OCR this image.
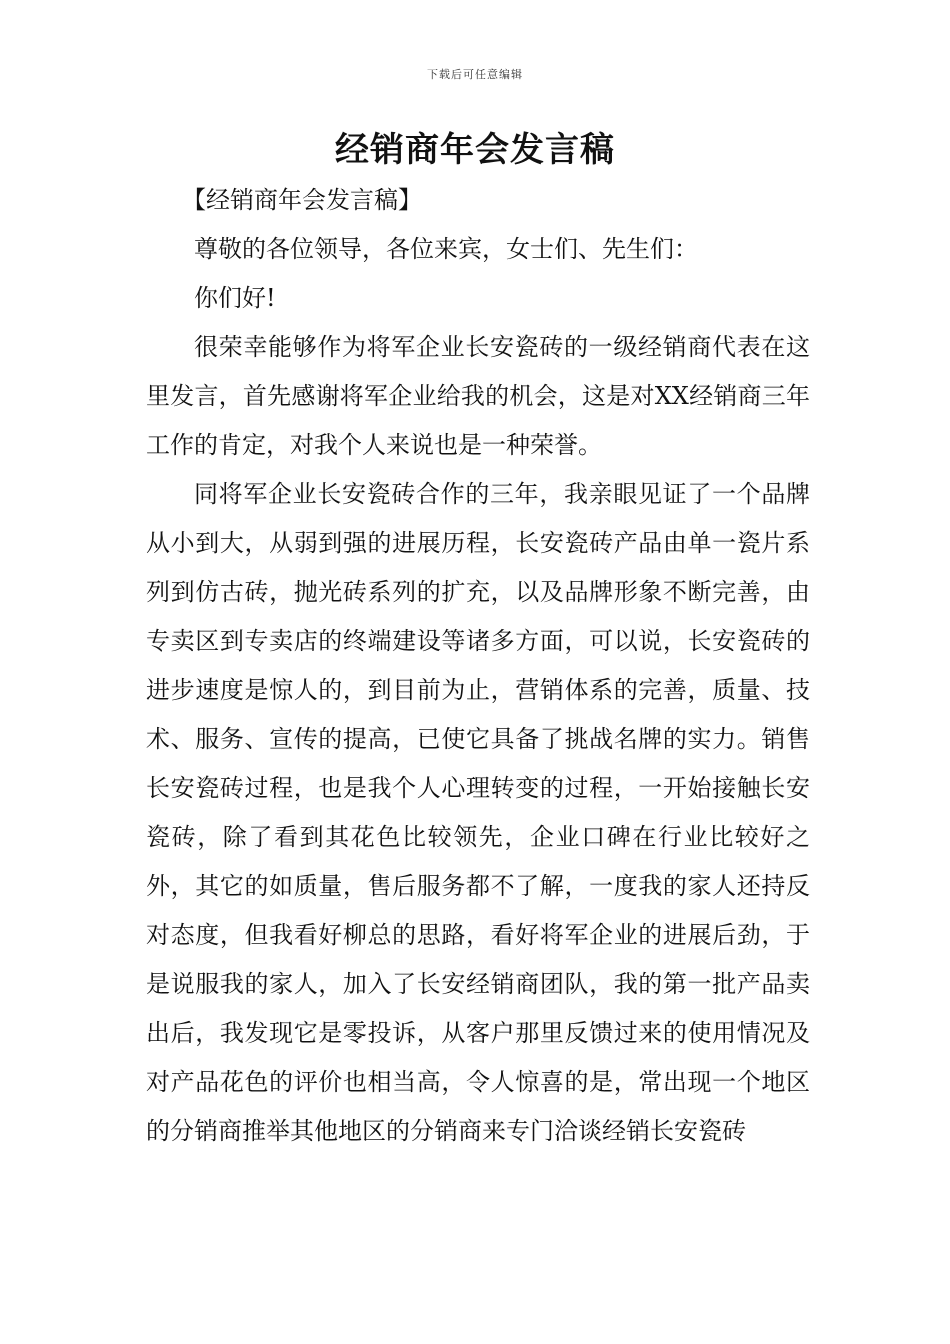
下载后可任意编辑
经销商年会发言稿

【经销商年会发言稿】

尊敬的各位领导，各位来宾，女士们、先生们：

你们好!

很荣幸能够作为将军企业长安瓷砖的一级经销商代表在这里发言，首先感谢将军企业给我的机会，这是对XX经销商三年工作的肯定，对我个人来说也是一种荣誉。

同将军企业长安瓷砖合作的三年，我亲眼见证了一个品牌从小到大，从弱到强的进展历程，长安瓷砖产品由单一瓷片系列到仿古砖，抛光砖系列的扩充，以及品牌形象不断完善，由专卖区到专卖店的终端建设等诸多方面，可以说，长安瓷砖的进步速度是惊人的，到目前为止，营销体系的完善，质量、技术、服务、宣传的提高，已使它具备了挑战名牌的实力。销售长安瓷砖过程，也是我个人心理转变的过程，一开始接触长安瓷砖，除了看到其花色比较领先，企业口碑在行业比较好之外，其它的如质量，售后服务都不了解，一度我的家人还持反对态度，但我看好柳总的思路，看好将军企业的进展后劲，于是说服我的家人，加入了长安经销商团队，我的第一批产品卖出后，我发现它是零投诉，从客户那里反馈过来的使用情况及对产品花色的评价也相当高，令人惊喜的是，常出现一个地区的分销商推举其他地区的分销商来专门洽谈经销长安瓷砖
